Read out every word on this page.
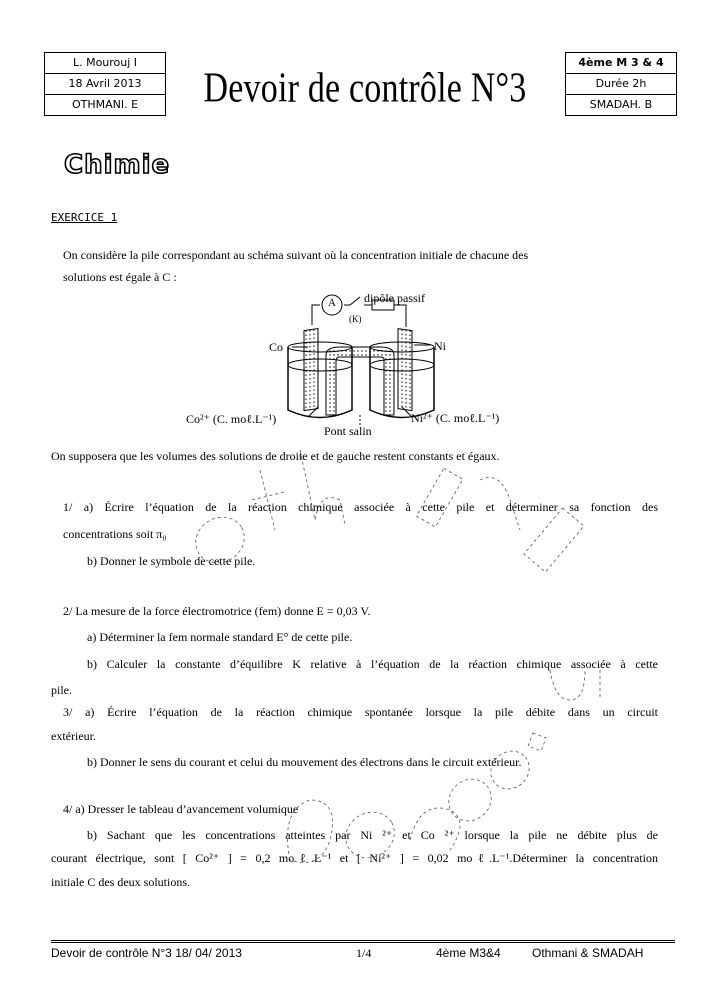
L. Mourouj I
18 Avril 2013
OTHMANI. E	Devoir de contrôle N°3
4ème M 3 & 4
Durée 2h
SMADAH. B
Chimie
EXERCICE 1
On considère la pile correspondant au schéma suivant où la concentration initiale de chacune des
solutions est égale à C :
dipôle passif
A
(K)
Co	Ni
Co²⁺ (C. moℓ.L⁻¹)	Ni²⁺ (C. moℓ.L⁻¹)
Pont salin
On supposera que les volumes des solutions de droite et de gauche restent constants et égaux.
1/ a) Écrire l’équation de la réaction chimique associée à cette pile et déterminer sa fonction des
concentrations soit π₀
b) Donner le symbole de cette pile.
2/ La mesure de la force électromotrice (fem) donne E = 0,03 V.
a) Déterminer la fem normale standard E° de cette pile.
b) Calculer la constante d’équilibre K relative à l’équation de la réaction chimique associée à cette
pile.
3/ a) Écrire l’équation de la réaction chimique spontanée lorsque la pile débite dans un circuit
extérieur.
b) Donner le sens du courant et celui du mouvement des électrons dans le circuit extérieur.
4/ a) Dresser le tableau d’avancement volumique
b) Sachant que les concentrations atteintes par Ni ²⁺ et Co ²⁺ lorsque la pile ne débite plus de
courant électrique, sont [ Co²⁺ ] = 0,2 moℓ.L⁻¹ et [ Ni²⁺ ] = 0,02 moℓ.L⁻¹.Déterminer la concentration
initiale C des deux solutions.
Devoir de contrôle N°3 18/ 04/ 2013	1/4	4ème M3&4	Othmani & SMADAH
